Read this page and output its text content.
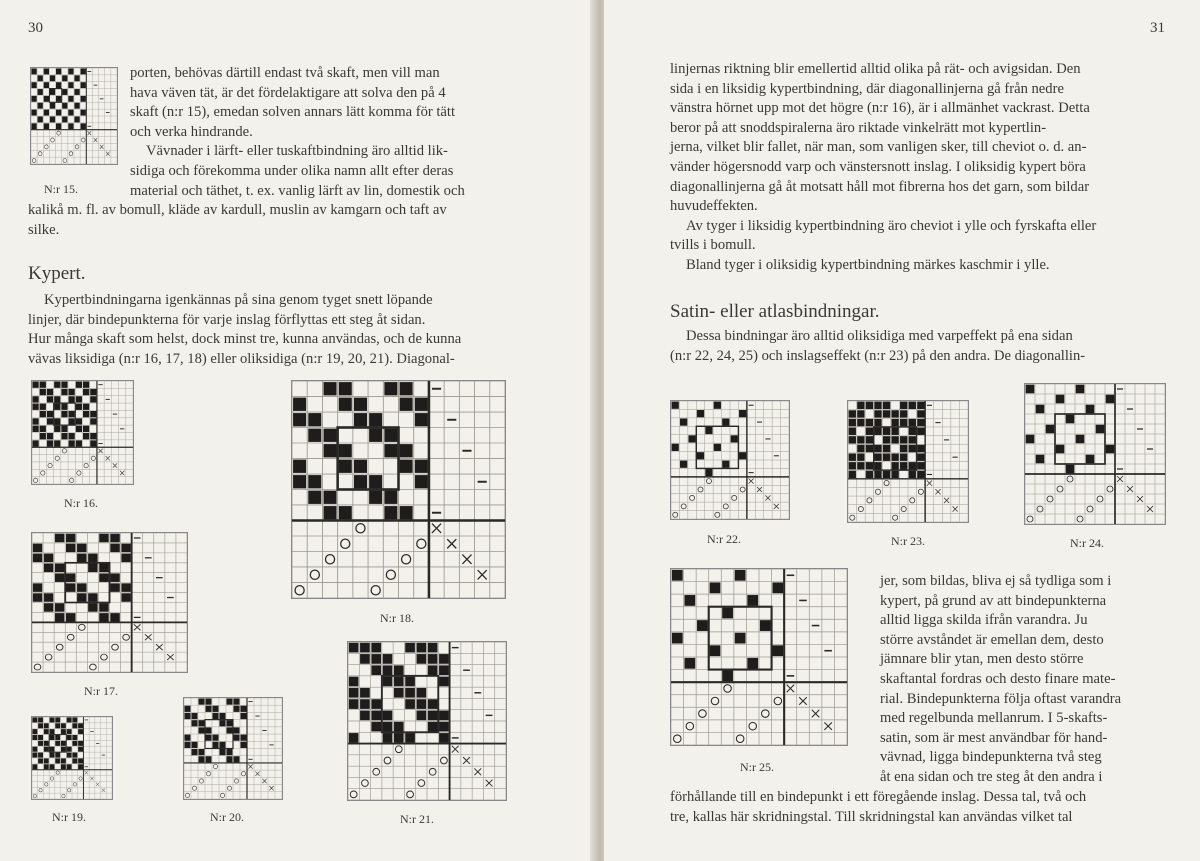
30
N:r 15.

porten, behövas därtill endast två skaft, men vill man

hava väven tät, är det fördelaktigare att solva den på 4

skaft (n:r 15), emedan solven annars lätt komma för tätt

och verka hindrande.

Vävnader i lärft- eller tuskaftbindning äro alltid lik-

sidiga och förekomma under olika namn allt efter deras

material och täthet, t. ex. vanlig lärft av lin, domestik och

kalikå m. fl. av bomull, kläde av kardull, muslin av kamgarn och taft av

silke.

Kypert.

Kypertbindningarna igenkännas på sina genom tyget snett löpande

linjer, där bindepunkterna för varje inslag förflyttas ett steg åt sidan.

Hur många skaft som helst, dock minst tre, kunna användas, och de kunna

vävas liksidiga (n:r 16, 17, 18) eller oliksidiga (n:r 19, 20, 21). Diagonal-

N:r 16.
N:r 17.
N:r 18.
N:r 19.	N:r 20.	N:r 21.
31

linjernas riktning blir emellertid alltid olika på rät- och avigsidan. Den

sida i en liksidig kypertbindning, där diagonallinjerna gå från nedre

vänstra hörnet upp mot det högre (n:r 16), är i allmänhet vackrast. Detta

beror på att snoddspiralerna äro riktade vinkelrätt mot kypertlin-

jerna, vilket blir fallet, när man, som vanligen sker, till cheviot o. d. an-

vänder högersnodd varp och vänstersnott inslag. I oliksidig kypert böra

diagonallinjerna gå åt motsatt håll mot fibrerna hos det garn, som bildar

huvudeffekten.

Av tyger i liksidig kypertbindning äro cheviot i ylle och fyrskafta eller

tvills i bomull.

Bland tyger i oliksidig kypertbindning märkes kaschmir i ylle.

Satin- eller atlasbindningar.

Dessa bindningar äro alltid oliksidiga med varpeffekt på ena sidan

(n:r 22, 24, 25) och inslagseffekt (n:r 23) på den andra. De diagonallin-

N:r 22.	N:r 23.	N:r 24.
N:r 25.

jer, som bildas, bliva ej så tydliga som i

kypert, på grund av att bindepunkterna

alltid ligga skilda ifrån varandra. Ju

större avståndet är emellan dem, desto

jämnare blir ytan, men desto större

skaftantal fordras och desto finare mate-

rial. Bindepunkterna följa oftast varandra

med regelbunda mellanrum. I 5-skafts-

satin, som är mest användbar för hand-

vävnad, ligga bindepunkterna två steg

åt ena sidan och tre steg åt den andra i

förhållande till en bindepunkt i ett föregående inslag. Dessa tal, två och

tre, kallas här skridningstal. Till skridningstal kan användas vilket tal
